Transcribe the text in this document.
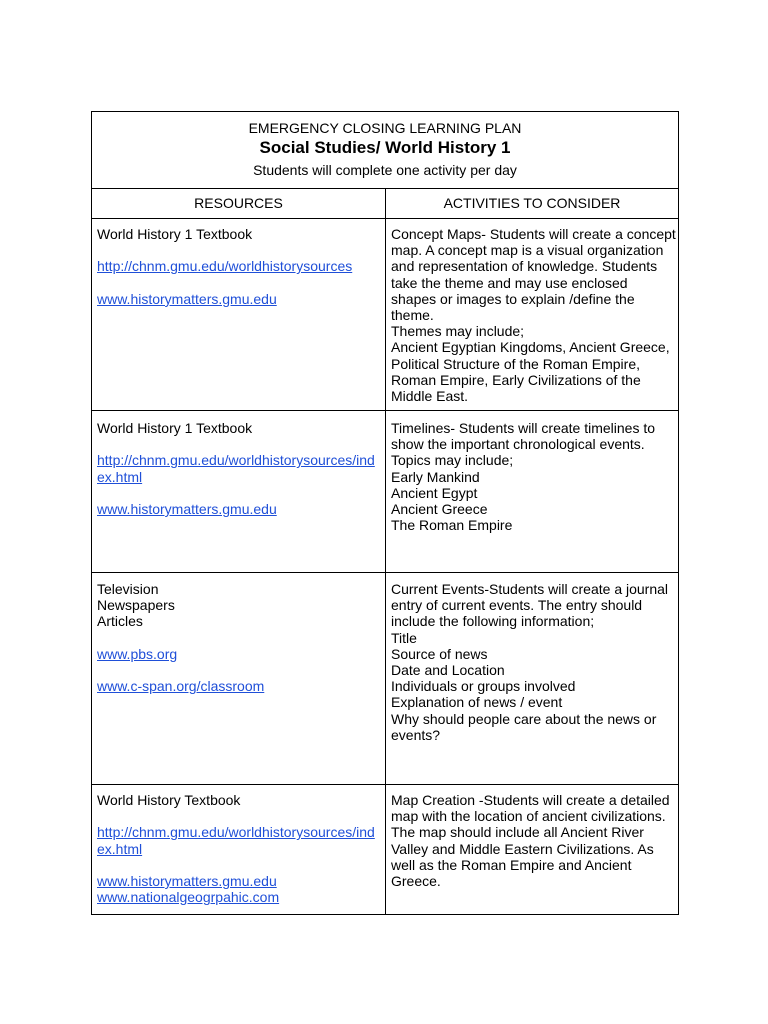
EMERGENCY CLOSING LEARNING PLAN
Social Studies/ World History 1
Students will complete one activity per day
RESOURCES	ACTIVITIES TO CONSIDER
World History 1 Textbook
http://chnm.gmu.edu/worldhistorysources
www.historymatters.gmu.edu
Concept Maps- Students will create a concept
map. A concept map is a visual organization
and representation of knowledge. Students
take the theme and may use enclosed
shapes or images to explain /define the
theme.
Themes may include;
Ancient Egyptian Kingdoms, Ancient Greece,
Political Structure of the Roman Empire,
Roman Empire, Early Civilizations of the
Middle East.
World History 1 Textbook
http://chnm.gmu.edu/worldhistorysources/ind
ex.html
www.historymatters.gmu.edu
Timelines- Students will create timelines to
show the important chronological events.
Topics may include;
Early Mankind
Ancient Egypt
Ancient Greece
The Roman Empire
Television
Newspapers
Articles
www.pbs.org
www.c-span.org/classroom
Current Events-Students will create a journal
entry of current events. The entry should
include the following information;
Title
Source of news
Date and Location
Individuals or groups involved
Explanation of news / event
Why should people care about the news or
events?
World History Textbook
http://chnm.gmu.edu/worldhistorysources/ind
ex.html
www.historymatters.gmu.edu
www.nationalgeogrpahic.com
Map Creation -Students will create a detailed
map with the location of ancient civilizations.
The map should include all Ancient River
Valley and Middle Eastern Civilizations. As
well as the Roman Empire and Ancient
Greece.
